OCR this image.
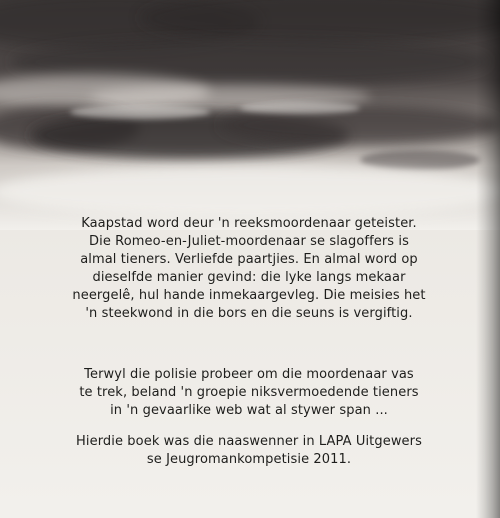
Kaapstad word deur 'n reeksmoordenaar geteister.
Die Romeo-en-Juliet-moordenaar se slagoffers is
almal tieners. Verliefde paartjies. En almal word op
dieselfde manier gevind: die lyke langs mekaar
neergelê, hul hande inmekaargevleg. Die meisies het
'n steekwond in die bors en die seuns is vergiftig.
Terwyl die polisie probeer om die moordenaar vas
te trek, beland 'n groepie niksvermoedende tieners
in 'n gevaarlike web wat al stywer span ...
Hierdie boek was die naaswenner in LAPA Uitgewers
se Jeugromankompetisie 2011.
